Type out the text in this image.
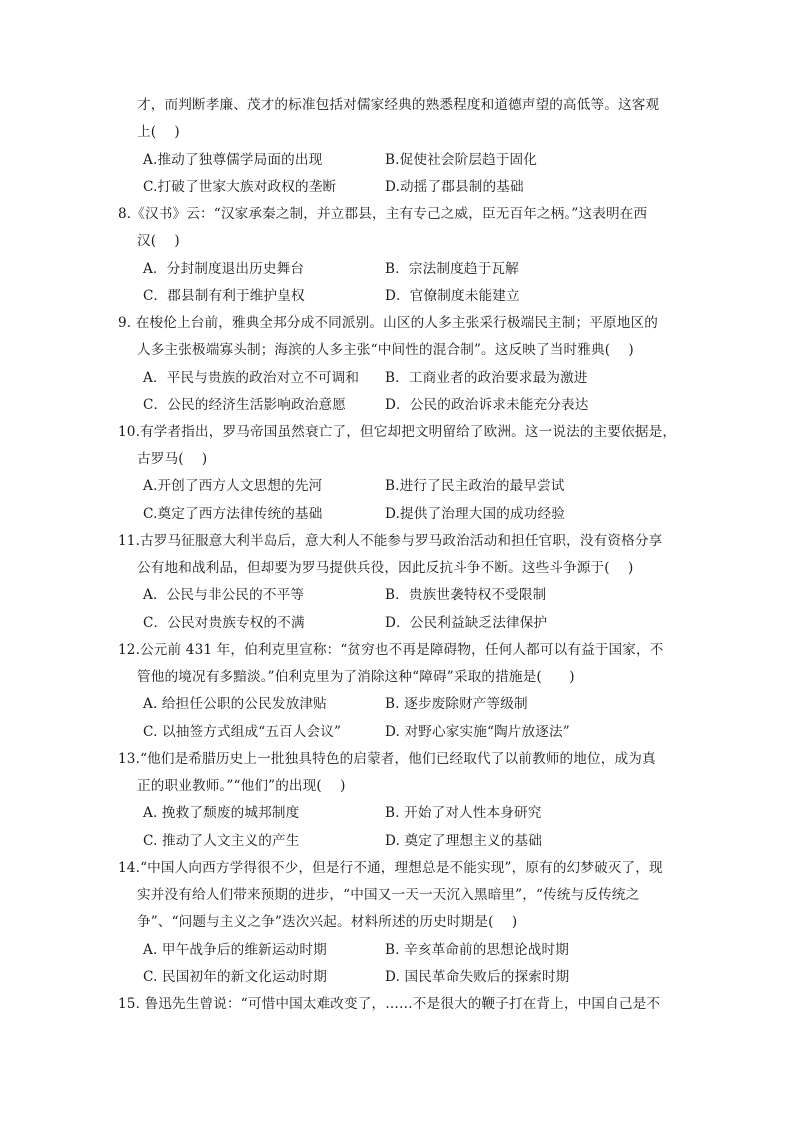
才，而判断孝廉、茂才的标准包括对儒家经典的熟悉程度和道德声望的高低等。这客观
上(　 )
A.推动了独尊儒学局面的出现	B.促使社会阶层趋于固化
C.打破了世家大族对政权的垄断	D.动摇了郡县制的基础
8.《汉书》云：“汉家承秦之制，并立郡县，主有专己之威，臣无百年之柄。”这表明在西
汉(　 )
A．分封制度退出历史舞台	B．宗法制度趋于瓦解
C．郡县制有利于维护皇权	D．官僚制度未能建立
9. 在梭伦上台前，雅典全邦分成不同派别。山区的人多主张采行极端民主制；平原地区的
人多主张极端寡头制；海滨的人多主张“中间性的混合制”。这反映了当时雅典(　 )
A．平民与贵族的政治对立不可调和 B．工商业者的政治要求最为激进
C．公民的经济生活影响政治意愿	D．公民的政治诉求未能充分表达
10.有学者指出，罗马帝国虽然衰亡了，但它却把文明留给了欧洲。这一说法的主要依据是，
古罗马(　 )
A.开创了西方人文思想的先河	B.进行了民主政治的最早尝试
C.奠定了西方法律传统的基础	D.提供了治理大国的成功经验
11.古罗马征服意大利半岛后，意大利人不能参与罗马政治活动和担任官职，没有资格分享
公有地和战利品，但却要为罗马提供兵役，因此反抗斗争不断。这些斗争源于(　 )
A．公民与非公民的不平等	B．贵族世袭特权不受限制
C．公民对贵族专权的不满	D．公民利益缺乏法律保护
12.公元前 431 年，伯利克里宣称：“贫穷也不再是障碍物，任何人都可以有益于国家，不
管他的境况有多黯淡。”伯利克里为了消除这种“障碍”采取的措施是(　　)
A. 给担任公职的公民发放津贴	B. 逐步废除财产等级制
C. 以抽签方式组成“五百人会议”	D. 对野心家实施“陶片放逐法”
13.“他们是希腊历史上一批独具特色的启蒙者，他们已经取代了以前教师的地位，成为真
正的职业教师。”“他们”的出现(　 )
A. 挽救了颓废的城邦制度	B. 开始了对人性本身研究
C. 推动了人文主义的产生	D. 奠定了理想主义的基础
14.“中国人向西方学得很不少，但是行不通，理想总是不能实现”，原有的幻梦破灭了，现
实并没有给人们带来预期的进步，“中国又一天一天沉入黑暗里”，“传统与反传统之
争”、“问题与主义之争”迭次兴起。材料所述的历史时期是(　 )
A. 甲午战争后的维新运动时期	B. 辛亥革命前的思想论战时期
C. 民国初年的新文化运动时期	D. 国民革命失败后的探索时期
15. 鲁迅先生曾说：“可惜中国太难改变了，……不是很大的鞭子打在背上，中国自己是不
